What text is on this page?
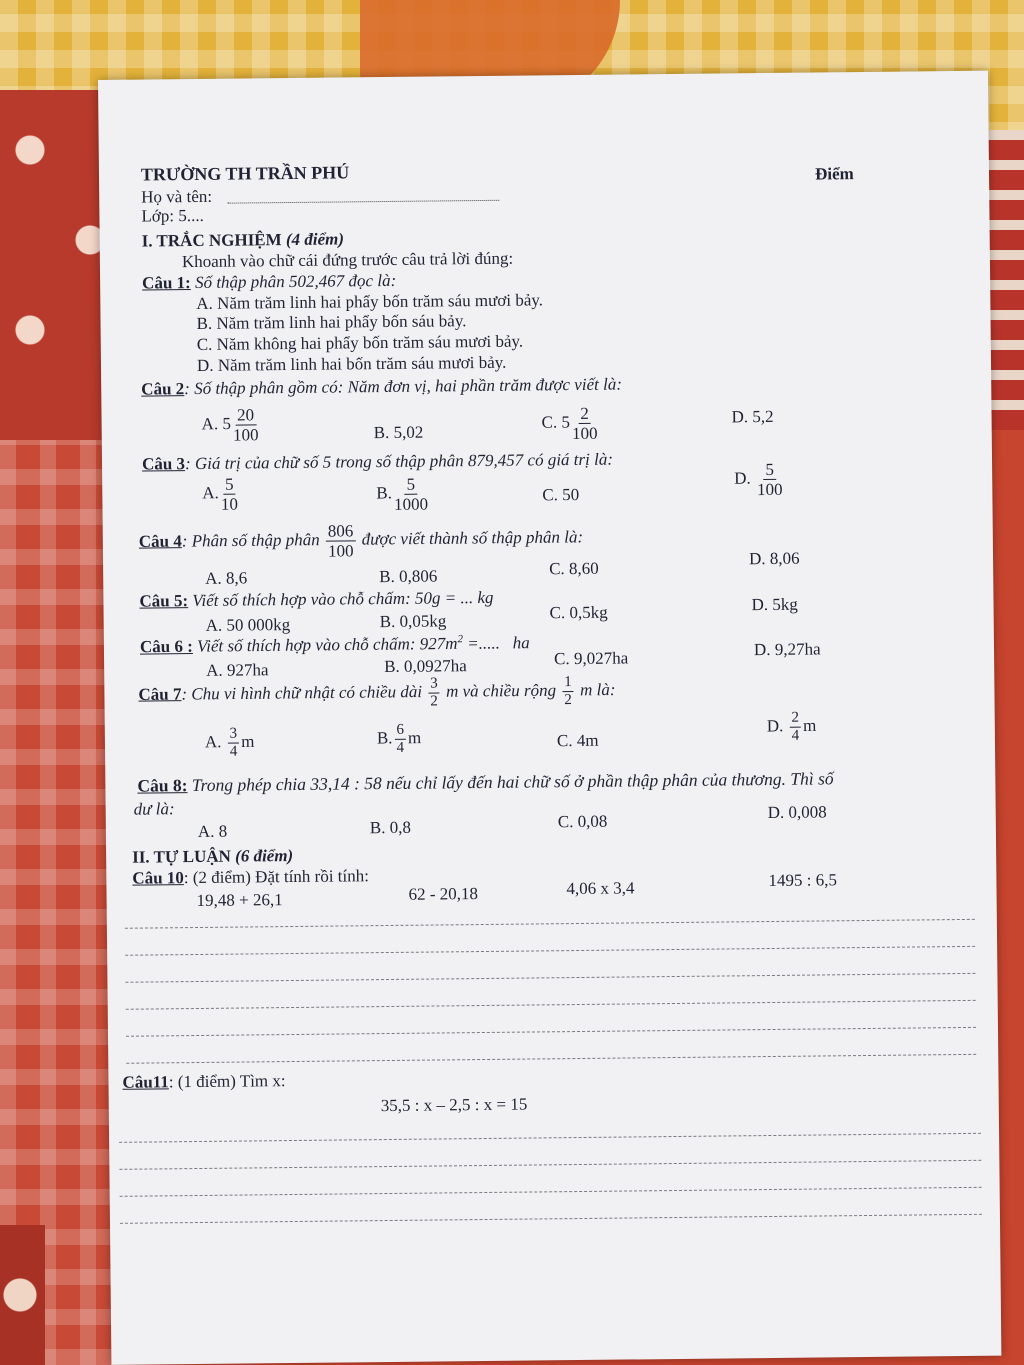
TRƯỜNG TH TRẦN PHÚ	Điểm
Họ và tên:
Lớp: 5....
I. TRẮC NGHIỆM (4 điểm)
Khoanh vào chữ cái đứng trước câu trả lời đúng:
Câu 1: Số thập phân 502,467 đọc là:
A. Năm trăm linh hai phẩy bốn trăm sáu mươi bảy.
B. Năm trăm linh hai phẩy bốn sáu bảy.
C. Năm không hai phẩy bốn trăm sáu mươi bảy.
D. Năm trăm linh hai bốn trăm sáu mươi bảy.
Câu 2: Số thập phân gồm có: Năm đơn vị, hai phần trăm được viết là:
A. $5 \frac{20}{100}$	B. 5,02
C. $5 \frac{2}{100}$	D. 5,2
Câu 3: Giá trị của chữ số 5 trong số thập phân 879,457 có giá trị là:
A. $\frac{5}{10}$	B. $\frac{5}{1000}$	C. 50
D. $\frac{5}{100}$
Câu 4: Phân số thập phân $\frac{806}{100}$ được viết thành số thập phân là:
A. 8,6	B. 0,806	C. 8,60
D. 8,06
Câu 5: Viết số thích hợp vào chỗ chấm: 50g = ... kg
A. 50 000kg	B. 0,05kg	C. 0,5kg	D. 5kg
Câu 6 : Viết số thích hợp vào chỗ chấm: $927m^2$ =.....   ha
A. 927ha	B. 0,0927ha	C. 9,027ha	D. 9,27ha
Câu 7: Chu vi hình chữ nhật có chiều dài $\frac{3}{2}$ m và chiều rộng $\frac{1}{2}$ m là:
A. $\frac{3}{4}$ m	B. $\frac{6}{4}$ m	C. 4m
D. $\frac{2}{4}$ m
Câu 8: Trong phép chia 33,14 : 58 nếu chỉ lấy đến hai chữ số ở phần thập phân của thương. Thì số
dư là:
A. 8	B. 0,8	C. 0,08	D. 0,008
II. TỰ LUẬN (6 điểm)
Câu 10: (2 điểm) Đặt tính rồi tính:
19,48 + 26,1	62 - 20,18	4,06 x 3,4	1495 : 6,5
Câu11: (1 điểm) Tìm x:
35,5 : x – 2,5 : x = 15
